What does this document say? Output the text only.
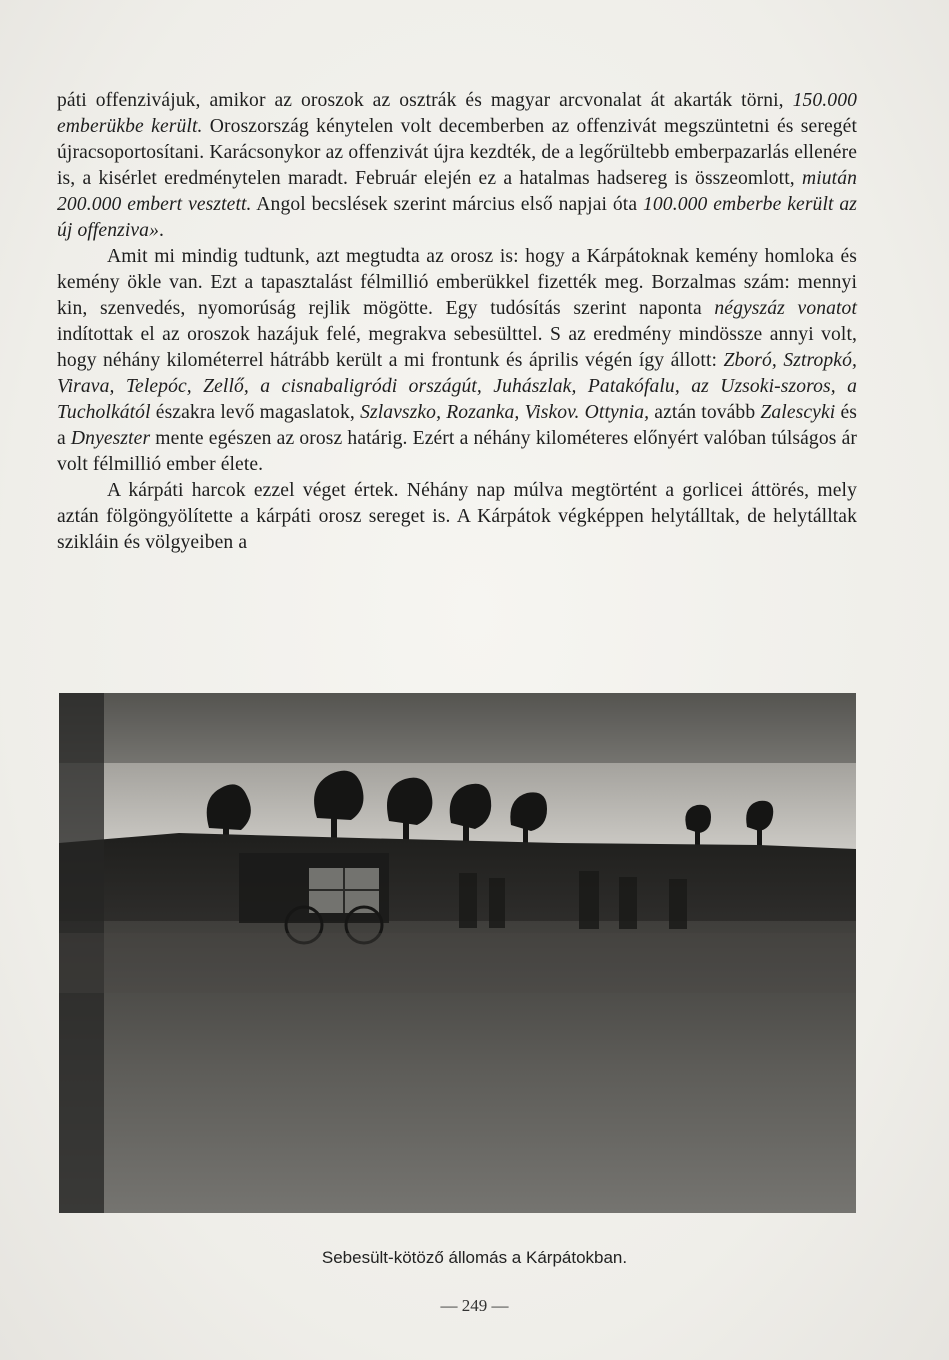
páti offenzivájuk, amikor az oroszok az osztrák és magyar arcvonalat át akarták törni, 150.000 emberükbe került. Oroszország kénytelen volt decemberben az offenzivát megszüntetni és seregét újracsoportosítani. Karácsonykor az offenzivát újra kezdték, de a legőrültebb emberpazarlás ellenére is, a kisérlet eredménytelen maradt. Február elején ez a hatalmas hadsereg is összeomlott, miután 200.000 embert vesztett. Angol becslések szerint március első napjai óta 100.000 emberbe került az új offenziva».

Amit mi mindig tudtunk, azt megtudta az orosz is: hogy a Kárpátoknak kemény homloka és kemény ökle van. Ezt a tapasztalást félmillió emberükkel fizették meg. Borzalmas szám: mennyi kin, szenvedés, nyomorúság rejlik mögötte. Egy tudósítás szerint naponta négyszáz vonatot indítottak el az oroszok hazájuk felé, megrakva sebesülttel. S az eredmény mindössze annyi volt, hogy néhány kilométerrel hátrább került a mi frontunk és április végén így állott: Zboró, Sztropkó, Virava, Telepóc, Zellő, a cisnabaligródi országút, Juhászlak, Patakófalu, az Uzsoki-szoros, a Tucholkától északra levő magaslatok, Szlavszko, Rozanka, Viskov. Ottynia, aztán tovább Zalescyki és a Dnyeszter mente egészen az orosz határig. Ezért a néhány kilométeres előnyért valóban túlságos ár volt félmillió ember élete.

A kárpáti harcok ezzel véget értek. Néhány nap múlva megtörtént a gorlicei áttörés, mely aztán fölgöngyölítette a kárpáti orosz sereget is. A Kárpátok végképpen helytálltak, de helytálltak szikláin és völgyeiben a

Sebesült-kötöző állomás a Kárpátokban.
— 249 —
